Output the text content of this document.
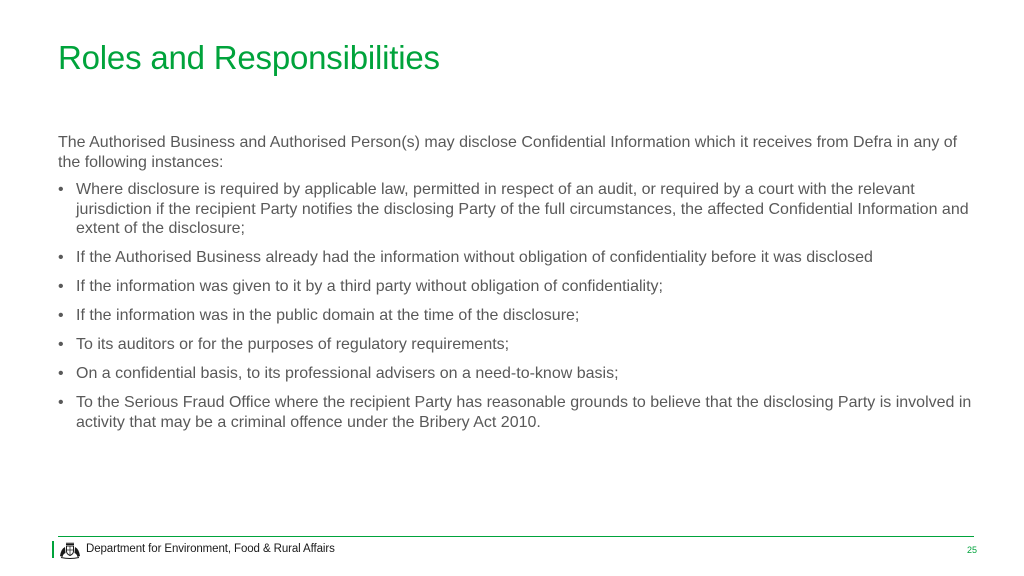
Roles and Responsibilities

The Authorised Business and Authorised Person(s) may disclose Confidential Information which it receives from Defra in any of the following instances:

• Where disclosure is required by applicable law, permitted in respect of an audit, or required by a court with the relevant jurisdiction if the recipient Party notifies the disclosing Party of the full circumstances, the affected Confidential Information and extent of the disclosure;
• If the Authorised Business already had the information without obligation of confidentiality before it was disclosed
• If the information was given to it by a third party without obligation of confidentiality;
• If the information was in the public domain at the time of the disclosure;
• To its auditors or for the purposes of regulatory requirements;
• On a confidential basis, to its professional advisers on a need-to-know basis;
• To the Serious Fraud Office where the recipient Party has reasonable grounds to believe that the disclosing Party is involved in activity that may be a criminal offence under the Bribery Act 2010.
Department for Environment, Food & Rural Affairs	25
